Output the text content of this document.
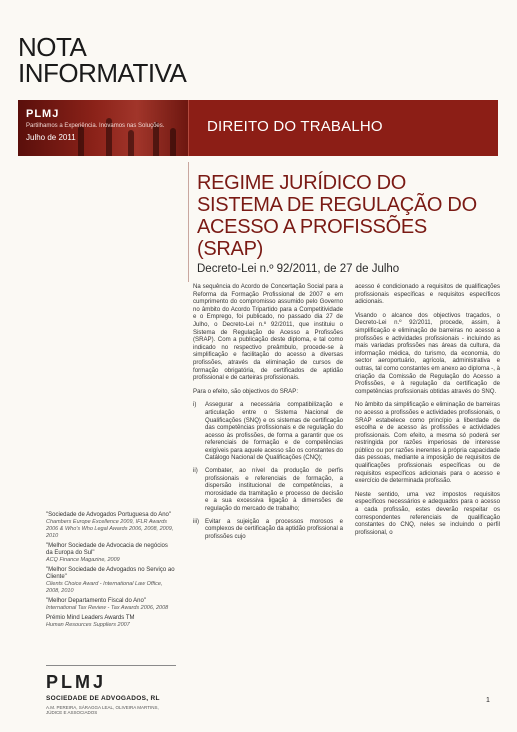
NOTA
INFORMATIVA
PLMJ
Partilhamos a Experiência. Inovamos nas Soluções.
Julho de 2011
DIREITO DO TRABALHO
REGIME JURÍDICO DO
SISTEMA DE REGULAÇÃO DO
ACESSO A PROFISSÕES (SRAP)
Decreto-Lei n.º 92/2011, de 27 de Julho

Na sequência do Acordo de Concertação Social para a Reforma da Formação Profissional de 2007 e em cumprimento do compromisso assumido pelo Governo no âmbito do Acordo Tripartido para a Competitividade e o Emprego, foi publicado, no passado dia 27 de Julho, o Decreto-Lei n.º 92/2011, que instituiu o Sistema de Regulação de Acesso a Profissões (SRAP). Com a publicação deste diploma, e tal como indicado no respectivo preâmbulo, procede-se à simplificação e facilitação do acesso a diversas profissões, através da eliminação de cursos de formação obrigatória, de certificados de aptidão profissional e de carteiras profissionais.

Para o efeito, são objectivos do SRAP:

i)	Assegurar a necessária compatibilização e articulação entre o Sistema Nacional de Qualificações (SNQ) e os sistemas de certificação das competências profissionais e de regulação do acesso às profissões, de forma a garantir que os referenciais de formação e de competências exigíveis para aquele acesso são os constantes do Catálogo Nacional de Qualificações (CNQ);
ii)	Combater, ao nível da produção de perfis profissionais e referenciais de formação, a dispersão institucional de competências, a morosidade da tramitação e processo de decisão e a sua excessiva ligação à dimensões de regulação do mercado de trabalho;
iii) Evitar a sujeição a processos morosos e complexos de certificação da aptidão profissional a profissões cujo

acesso é condicionado a requisitos de qualificações profissionais específicas e requisitos específicos adicionais.

Visando o alcance dos objectivos traçados, o Decreto-Lei n.º 92/2011, procede, assim, à simplificação e eliminação de barreiras no acesso a profissões e actividades profissionais - incluindo as mais variadas profissões nas áreas da cultura, da informação médica, do turismo, da economia, do sector aeroportuário, agrícola, administrativa e outras, tal como constantes em anexo ao diploma -, à criação da Comissão de Regulação do Acesso a Profissões, e à regulação da certificação de competências profissionais obtidas através do SNQ.

No âmbito da simplificação e eliminação de barreiras no acesso a profissões e actividades profissionais, o SRAP estabelece como princípio a liberdade de escolha e de acesso às profissões e actividades profissionais. Com efeito, a mesma só poderá ser restringida por razões imperiosas de interesse público ou por razões inerentes à própria capacidade das pessoas, mediante a imposição de requisitos de qualificações profissionais específicas ou de requisitos específicos adicionais para o acesso e exercício de determinada profissão.

Neste sentido, uma vez impostos requisitos específicos necessários e adequados para o acesso a cada profissão, estes deverão respeitar os correspondentes referenciais de qualificação constantes do CNQ, neles se incluindo o perfil profissional, o

"Sociedade de Advogados Portuguesa do Ano"
Chambers Europe Excellence 2009, IFLR Awards 2006 & Who's Who Legal Awards 2006, 2008, 2009, 2010
"Melhor Sociedade de Advocacia de negócios da Europa do Sul"
ACQ Finance Magazine, 2009
"Melhor Sociedade de Advogados no Serviço ao Cliente"
Clients Choice Award - International Law Office, 2008, 2010
"Melhor Departamento Fiscal do Ano"
International Tax Review - Tax Awards 2006, 2008
Prémio Mind Leaders Awards TM
Human Resources Suppliers 2007
PLMJ
SOCIEDADE DE ADVOGADOS, RL
A.M. PEREIRA, SÁRAGGA LEAL, OLIVEIRA MARTINS, JÚDICE E ASSOCIADOS
1
